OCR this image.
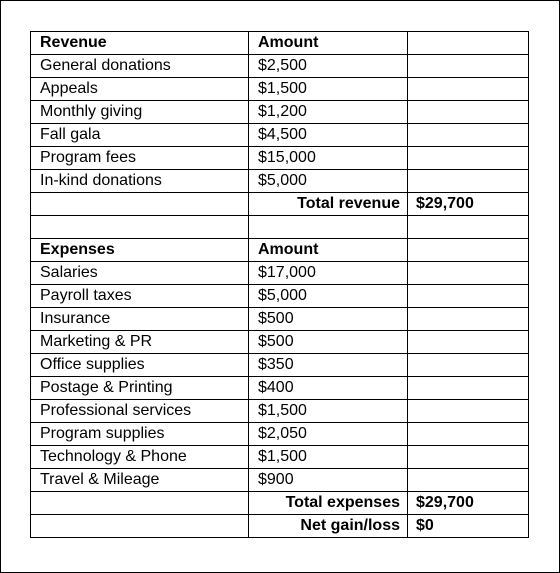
Revenue	Amount	
General donations	$2,500	
Appeals	$1,500	
Monthly giving	$1,200	
Fall gala	$4,500	
Program fees	$15,000	
In-kind donations	$5,000	
	Total revenue	$29,700

Expenses	Amount	
Salaries	$17,000	
Payroll taxes	$5,000	
Insurance	$500	
Marketing & PR	$500	
Office supplies	$350	
Postage & Printing	$400	
Professional services	$1,500	
Program supplies	$2,050	
Technology & Phone	$1,500	
Travel & Mileage	$900	
	Total expenses	$29,700
	Net gain/loss	$0
